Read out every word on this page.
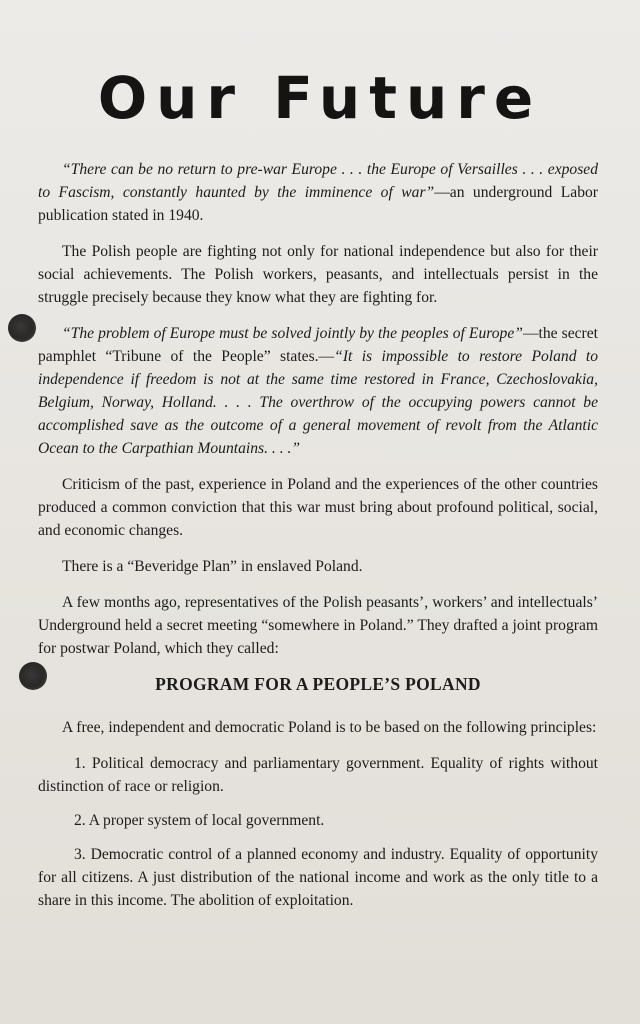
Our Future

“There can be no return to pre-war Europe . . . the Europe of Versailles . . . exposed to Fascism, constantly haunted by the imminence of war”—an underground Labor publication stated in 1940.

The Polish people are fighting not only for national independence but also for their social achievements. The Polish workers, peasants, and intellectuals persist in the struggle precisely because they know what they are fighting for.

“The problem of Europe must be solved jointly by the peoples of Europe”—the secret pamphlet “Tribune of the People” states.—“It is impossible to restore Poland to independence if freedom is not at the same time restored in France, Czechoslovakia, Belgium, Norway, Holland. . . . The overthrow of the occupying powers cannot be accomplished save as the outcome of a general movement of revolt from the Atlantic Ocean to the Carpathian Mountains. . . .”

Criticism of the past, experience in Poland and the experiences of the other countries produced a common conviction that this war must bring about profound political, social, and economic changes.

There is a “Beveridge Plan” in enslaved Poland.

A few months ago, representatives of the Polish peasants’, workers’ and intellectuals’ Underground held a secret meeting “somewhere in Poland.” They drafted a joint program for postwar Poland, which they called:

PROGRAM FOR A PEOPLE’S POLAND

A free, independent and democratic Poland is to be based on the following principles:

1. Political democracy and parliamentary government. Equality of rights without distinction of race or religion.
2. A proper system of local government.
3. Democratic control of a planned economy and industry. Equality of opportunity for all citizens. A just distribution of the national income and work as the only title to a share in this income. The abolition of exploitation.
